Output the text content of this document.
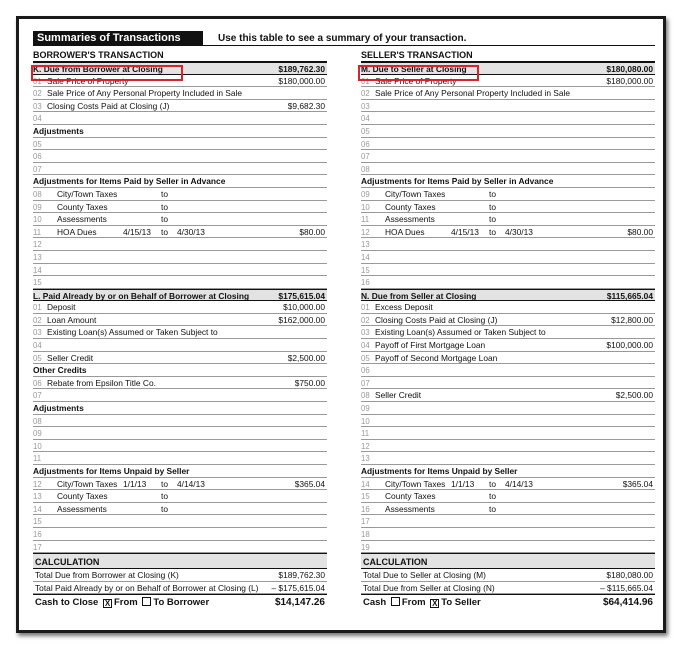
Summaries of Transactions	Use this table to see a summary of your transaction.
BORROWER'S TRANSACTION
K. Due from Borrower at Closing	$189,762.30
01 Sale Price of Property	$180,000.00
02 Sale Price of Any Personal Property Included in Sale
03 Closing Costs Paid at Closing (J)	$9,682.30
04
Adjustments
05
06
07
Adjustments for Items Paid by Seller in Advance
08 City/Town Taxes	to
09 County Taxes	to
10 Assessments	to
11 HOA Dues	4/15/13 to 4/30/13	$80.00
12
13
14
15
L. Paid Already by or on Behalf of Borrower at Closing	$175,615.04
01 Deposit	$10,000.00
02 Loan Amount	$162,000.00
03 Existing Loan(s) Assumed or Taken Subject to
04
05 Seller Credit	$2,500.00
Other Credits
06 Rebate from Epsilon Title Co.	$750.00
07
Adjustments
08
09
10
11
Adjustments for Items Unpaid by Seller
12 City/Town Taxes 1/1/13 to 4/14/13	$365.04
13 County Taxes	to
14 Assessments	to
15
16
17
CALCULATION
Total Due from Borrower at Closing (K)	$189,762.30
Total Paid Already by or on Behalf of Borrower at Closing (L) – $175,615.04
Cash to Close X From To Borrower	$14,147.26
SELLER'S TRANSACTION
M. Due to Seller at Closing	$180,080.00
01 Sale Price of Property	$180,000.00
02 Sale Price of Any Personal Property Included in Sale
03
04
05
06
07
08
Adjustments for Items Paid by Seller in Advance
09 City/Town Taxes	to
10 County Taxes	to
11 Assessments	to
12 HOA Dues	4/15/13 to 4/30/13	$80.00
13
14
15
16
N. Due from Seller at Closing	$115,665.04
01 Excess Deposit
02 Closing Costs Paid at Closing (J)	$12,800.00
03 Existing Loan(s) Assumed or Taken Subject to
04 Payoff of First Mortgage Loan	$100,000.00
05 Payoff of Second Mortgage Loan
06
07
08 Seller Credit	$2,500.00
09
10
11
12
13
Adjustments for Items Unpaid by Seller
14 City/Town Taxes 1/1/13 to 4/14/13	$365.04
15 County Taxes	to
16 Assessments	to
17
18
19
CALCULATION
Total Due to Seller at Closing (M)	$180,080.00
Total Due from Seller at Closing (N)	– $115,665.04
Cash From X To Seller	$64,414.96
